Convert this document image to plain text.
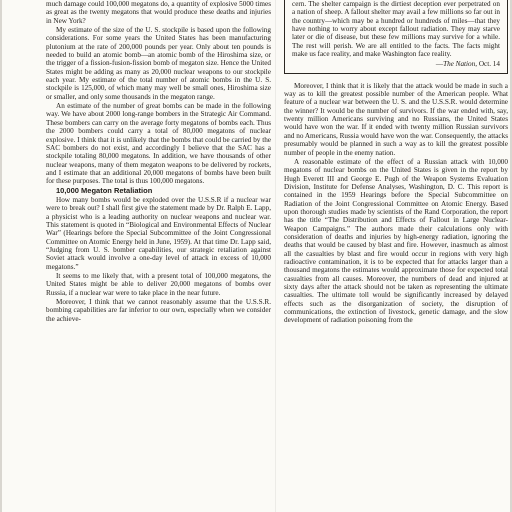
much damage could 100,000 megatons do, a quantity of explosive 5000 times as great as the twenty megatons that would produce these deaths and injuries in New York?

My estimate of the size of the U. S. stockpile is based upon the following considerations. For some years the United States has been manufacturing plutonium at the rate of 200,000 pounds per year. Only about ten pounds is needed to build an atomic bomb—an atomic bomb of the Hiroshima size, or the trigger of a fission-fusion-fission bomb of megaton size. Hence the United States might be adding as many as 20,000 nuclear weapons to our stockpile each year. My estimate of the total number of atomic bombs in the U. S. stockpile is 125,000, of which many may well be small ones, Hiroshima size or smaller, and only some thousands in the megaton range.

An estimate of the number of great bombs can be made in the following way. We have about 2000 long-range bombers in the Strategic Air Command. These bombers can carry on the average forty megatons of bombs each. Thus the 2000 bombers could carry a total of 80,000 megatons of nuclear explosive. I think that it is unlikely that the bombs that could be carried by the SAC bombers do not exist, and accordingly I believe that the SAC has a stockpile totaling 80,000 megatons. In addition, we have thousands of other nuclear weapons, many of them megaton weapons to be delivered by rockets, and I estimate that an additional 20,000 megatons of bombs have been built for these purposes. The total is thus 100,000 megatons.

10,000 Megaton Retaliation

How many bombs would be exploded over the U.S.S.R if a nuclear war were to break out? I shall first give the statement made by Dr. Ralph E. Lapp, a physicist who is a leading authority on nuclear weapons and nuclear war. This statement is quoted in “Biological and Environmental Effects of Nuclear War” (Hearings before the Special Subcommittee of the Joint Congressional Committee on Atomic Energy held in June, 1959). At that time Dr. Lapp said, “Judging from U. S. bomber capabilities, our strategic retaliation against Soviet attack would involve a one-day level of attack in excess of 10,000 megatons.”

It seems to me likely that, with a present total of 100,000 megatons, the United States might be able to deliver 20,000 megatons of bombs over Russia, if a nuclear war were to take place in the near future.

Moreover, I think that we cannot reasonably assume that the U.S.S.R. bombing capabilities are far inferior to our own, especially when we consider the achieve-

cern. The shelter campaign is the dirtiest deception ever perpetrated on a nation of sheep. A fallout shelter may avail a few millions so far out in the country—which may be a hundred or hundreds of miles—that they have nothing to worry about except fallout radiation. They may starve later or die of disease, but these few millions may survive for a while. The rest will perish. We are all entitled to the facts. The facts might make us face reality, and make Washington face reality.

—The Nation, Oct. 14

Moreover, I think that it is likely that the attack would be made in such a way as to kill the greatest possible number of the American people. What feature of a nuclear war between the U. S. and the U.S.S.R. would determine the winner? It would be the number of survivors. If the war ended with, say, twenty million Americans surviving and no Russians, the United States would have won the war. If it ended with twenty million Russian survivors and no Americans, Russia would have won the war. Consequently, the attacks presumably would be planned in such a way as to kill the greatest possible number of people in the enemy nation.

A reasonable estimate of the effect of a Russian attack with 10,000 megatons of nuclear bombs on the United States is given in the report by Hugh Everett III and George E. Pugh of the Weapon Systems Evaluation Division, Institute for Defense Analyses, Washington, D. C. This report is contained in the 1959 Hearings before the Special Subcommittee on Radiation of the Joint Congressional Committee on Atomic Energy. Based upon thorough studies made by scientists of the Rand Corporation, the report has the title “The Distribution and Effects of Fallout in Large Nuclear-Weapon Campaigns.” The authors made their calculations only with consideration of deaths and injuries by high-energy radiation, ignoring the deaths that would be caused by blast and fire. However, inasmuch as almost all the casualties by blast and fire would occur in regions with very high radioactive contamination, it is to be expected that for attacks larger than a thousand megatons the estimates would approximate those for expected total casualties from all causes. Moreover, the numbers of dead and injured at sixty days after the attack should not be taken as representing the ultimate casualties. The ultimate toll would be significantly increased by delayed effects such as the disorganization of society, the disruption of communications, the extinction of livestock, genetic damage, and the slow development of radiation poisoning from the
